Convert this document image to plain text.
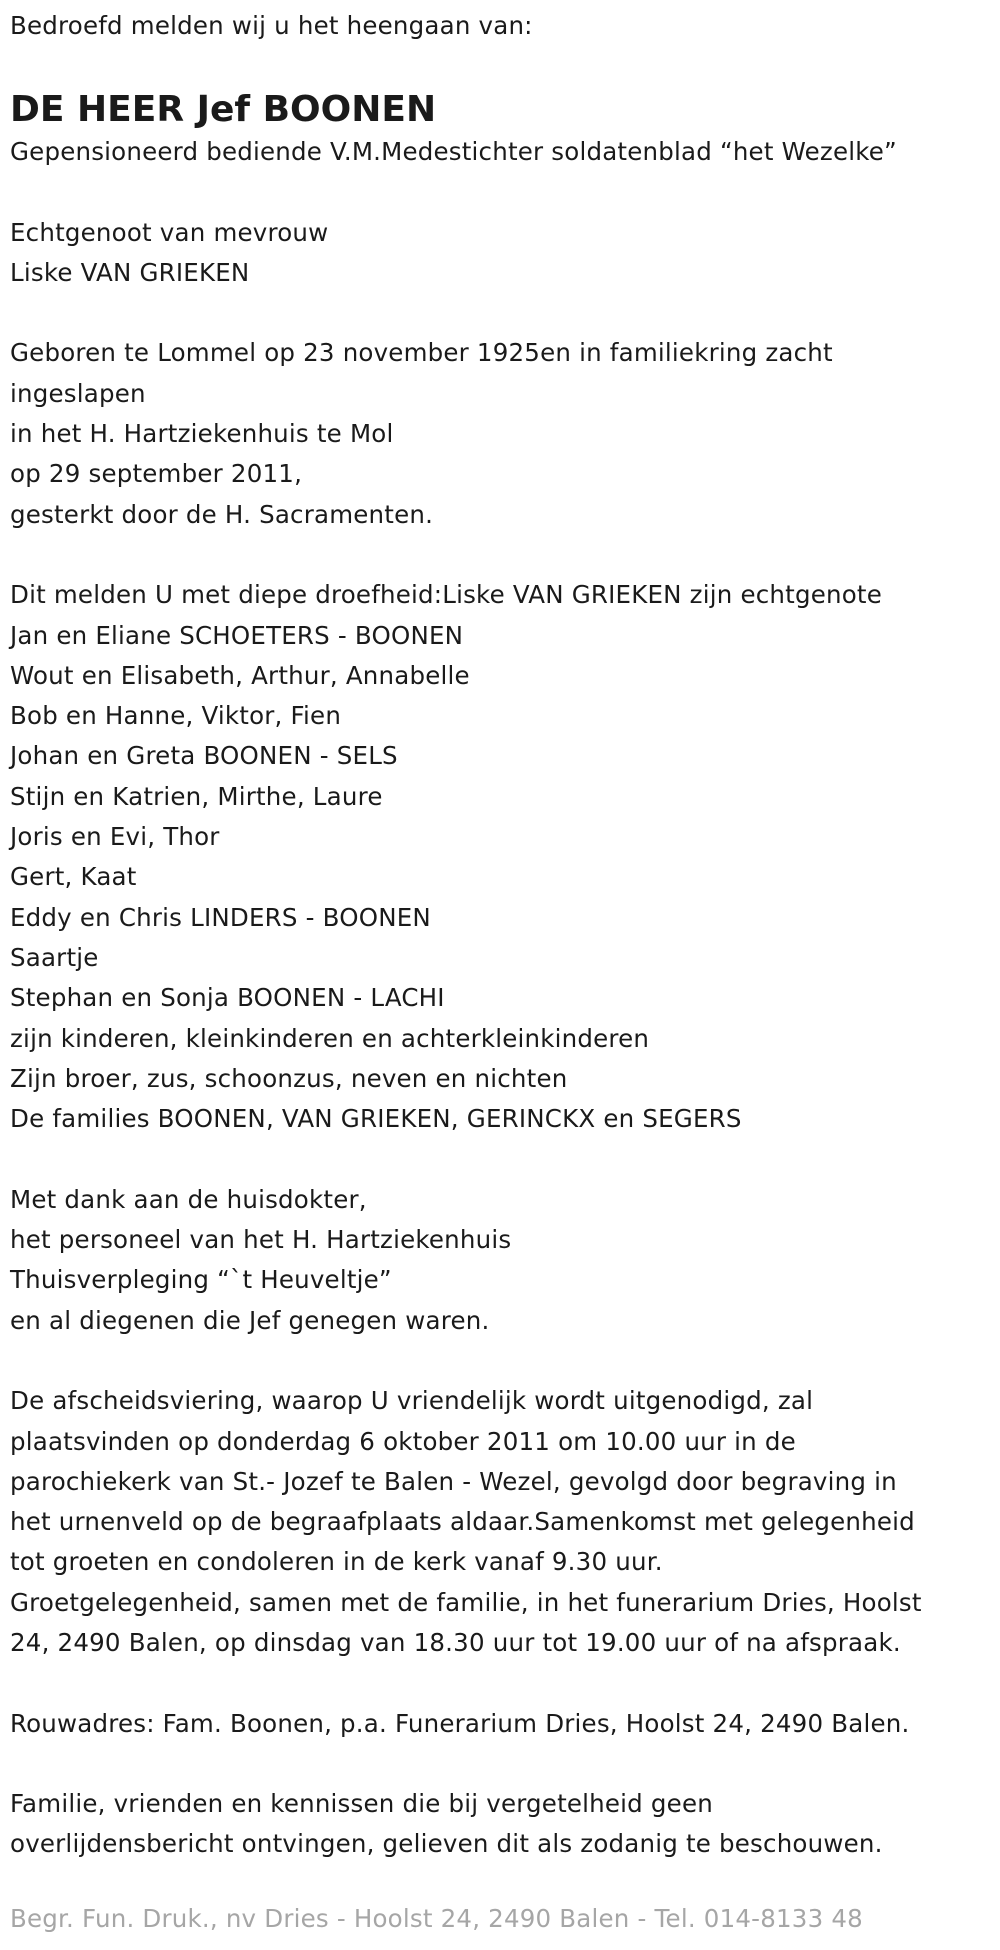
Bedroefd melden wij u het heengaan van:
DE HEER Jef BOONEN
Gepensioneerd bediende V.M.Medestichter soldatenblad “het Wezelke”
Echtgenoot van mevrouw
Liske VAN GRIEKEN
Geboren te Lommel op 23 november 1925en in familiekring zacht
ingeslapen
in het H. Hartziekenhuis te Mol
op 29 september 2011,
gesterkt door de H. Sacramenten.
Dit melden U met diepe droefheid:Liske VAN GRIEKEN zijn echtgenote
Jan en Eliane SCHOETERS - BOONEN
Wout en Elisabeth, Arthur, Annabelle
Bob en Hanne, Viktor, Fien
Johan en Greta BOONEN - SELS
Stijn en Katrien, Mirthe, Laure
Joris en Evi, Thor
Gert, Kaat
Eddy en Chris LINDERS - BOONEN
Saartje
Stephan en Sonja BOONEN - LACHI
zijn kinderen, kleinkinderen en achterkleinkinderen
Zijn broer, zus, schoonzus, neven en nichten
De families BOONEN, VAN GRIEKEN, GERINCKX en SEGERS
Met dank aan de huisdokter,
het personeel van het H. Hartziekenhuis
Thuisverpleging “`t Heuveltje”
en al diegenen die Jef genegen waren.
De afscheidsviering, waarop U vriendelijk wordt uitgenodigd, zal
plaatsvinden op donderdag 6 oktober 2011 om 10.00 uur in de
parochiekerk van St.- Jozef te Balen - Wezel, gevolgd door begraving in
het urnenveld op de begraafplaats aldaar.Samenkomst met gelegenheid
tot groeten en condoleren in de kerk vanaf 9.30 uur.
Groetgelegenheid, samen met de familie, in het funerarium Dries, Hoolst
24, 2490 Balen, op dinsdag van 18.30 uur tot 19.00 uur of na afspraak.
Rouwadres: Fam. Boonen, p.a. Funerarium Dries, Hoolst 24, 2490 Balen.
Familie, vrienden en kennissen die bij vergetelheid geen
overlijdensbericht ontvingen, gelieven dit als zodanig te beschouwen.
Begr. Fun. Druk., nv Dries - Hoolst 24, 2490 Balen - Tel. 014-8133 48
